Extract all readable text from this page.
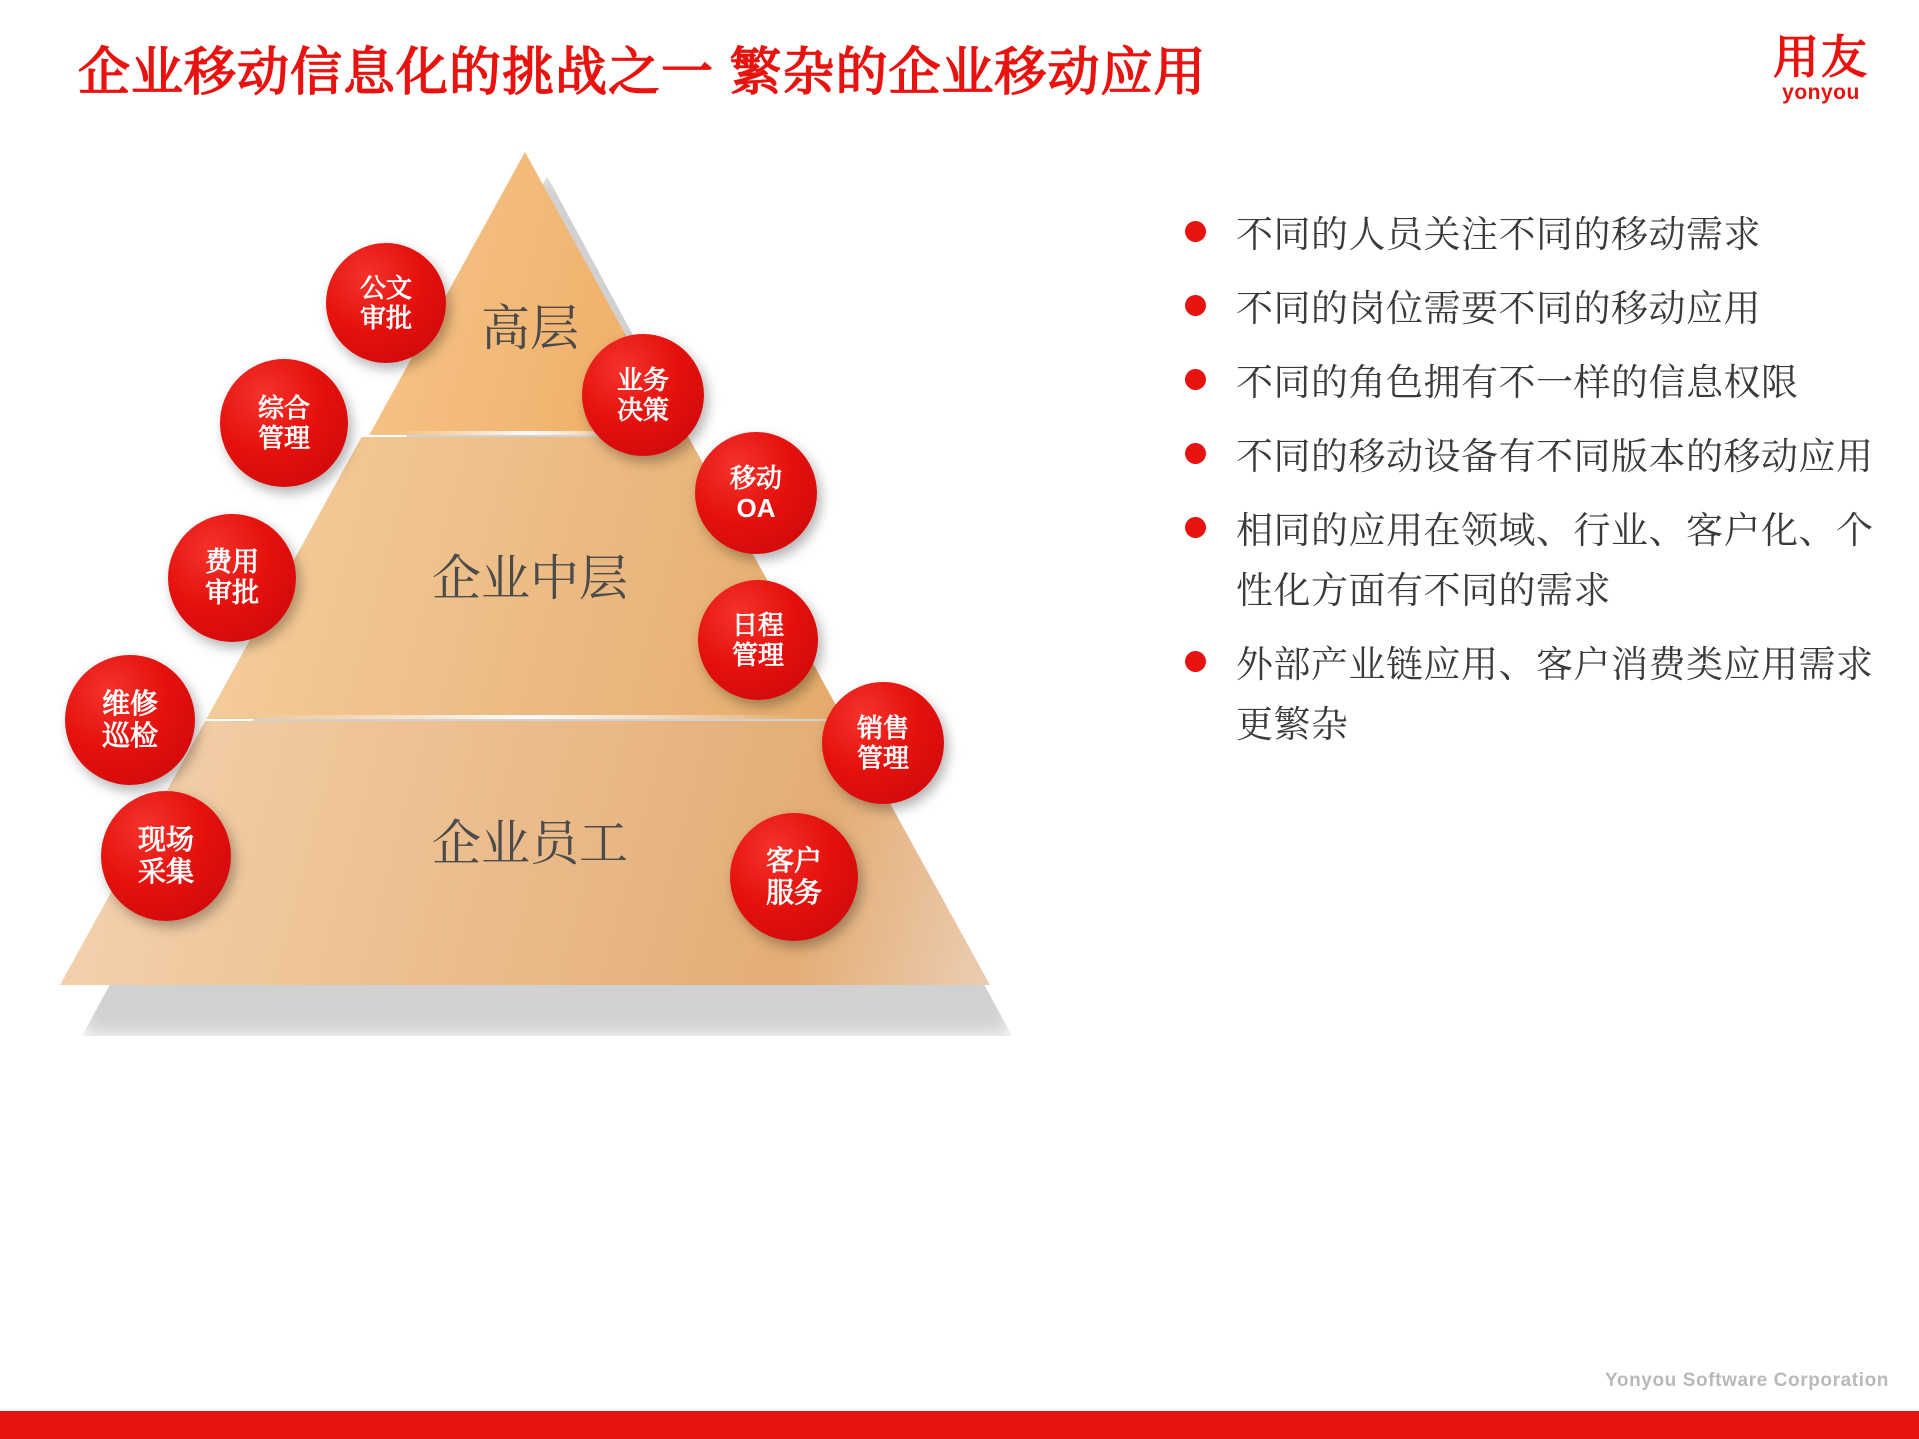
企业移动信息化的挑战之一 繁杂的企业移动应用	用友
yonyou
高层
企业中层
企业员工
公文
审批
综合
管理
业务
决策
移动
OA
费用
审批
日程
管理
维修
巡检	销售
管理
现场
采集	客户
服务
不同的人员关注不同的移动需求
不同的岗位需要不同的移动应用
不同的角色拥有不一样的信息权限
不同的移动设备有不同版本的移动应用
相同的应用在领域、行业、客户化、个性化方面有不同的需求
外部产业链应用、客户消费类应用需求更繁杂
Yonyou Software Corporation
